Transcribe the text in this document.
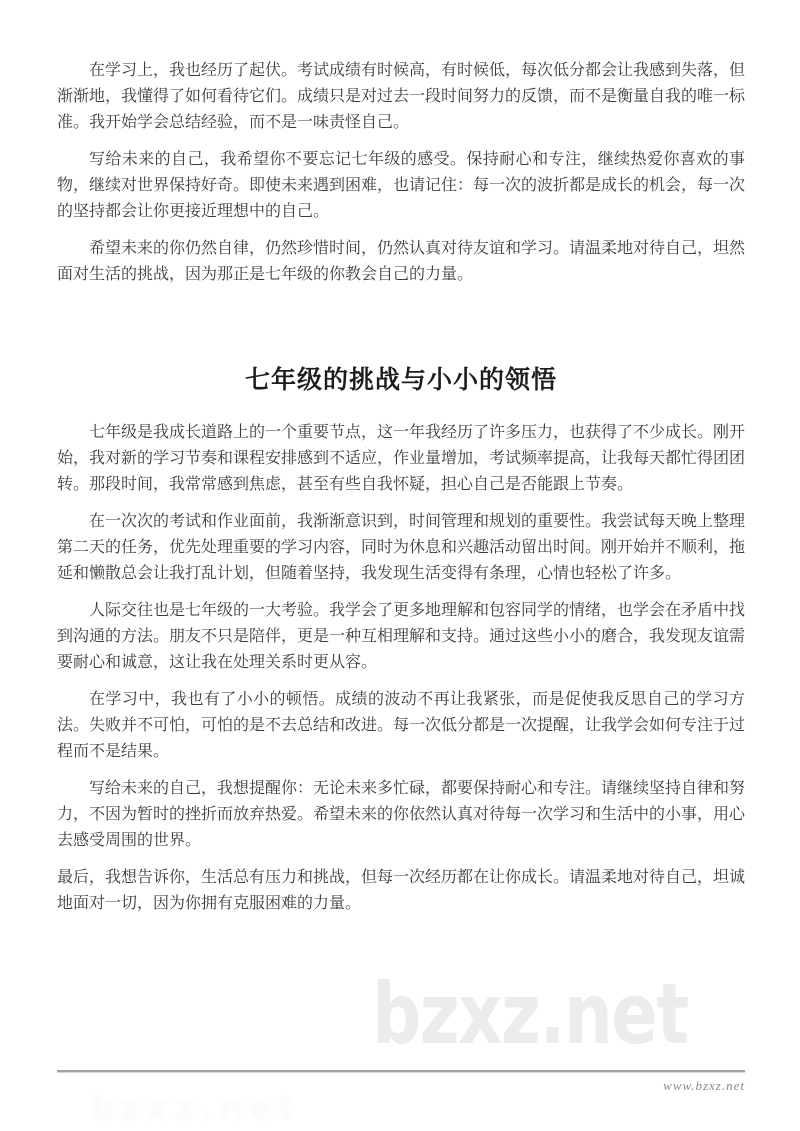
在学习上，我也经历了起伏。考试成绩有时候高，有时候低，每次低分都会让我感到失落，但渐渐地，我懂得了如何看待它们。成绩只是对过去一段时间努力的反馈，而不是衡量自我的唯一标准。我开始学会总结经验，而不是一味责怪自己。

写给未来的自己，我希望你不要忘记七年级的感受。保持耐心和专注，继续热爱你喜欢的事物，继续对世界保持好奇。即使未来遇到困难，也请记住：每一次的波折都是成长的机会，每一次的坚持都会让你更接近理想中的自己。

希望未来的你仍然自律，仍然珍惜时间，仍然认真对待友谊和学习。请温柔地对待自己，坦然面对生活的挑战，因为那正是七年级的你教会自己的力量。

七年级的挑战与小小的领悟

七年级是我成长道路上的一个重要节点，这一年我经历了许多压力，也获得了不少成长。刚开始，我对新的学习节奏和课程安排感到不适应，作业量增加，考试频率提高，让我每天都忙得团团转。那段时间，我常常感到焦虑，甚至有些自我怀疑，担心自己是否能跟上节奏。

在一次次的考试和作业面前，我渐渐意识到，时间管理和规划的重要性。我尝试每天晚上整理第二天的任务，优先处理重要的学习内容，同时为休息和兴趣活动留出时间。刚开始并不顺利，拖延和懒散总会让我打乱计划，但随着坚持，我发现生活变得有条理，心情也轻松了许多。

人际交往也是七年级的一大考验。我学会了更多地理解和包容同学的情绪，也学会在矛盾中找到沟通的方法。朋友不只是陪伴，更是一种互相理解和支持。通过这些小小的磨合，我发现友谊需要耐心和诚意，这让我在处理关系时更从容。

在学习中，我也有了小小的顿悟。成绩的波动不再让我紧张，而是促使我反思自己的学习方法。失败并不可怕，可怕的是不去总结和改进。每一次低分都是一次提醒，让我学会如何专注于过程而不是结果。

写给未来的自己，我想提醒你：无论未来多忙碌，都要保持耐心和专注。请继续坚持自律和努力，不因为暂时的挫折而放弃热爱。希望未来的你依然认真对待每一次学习和生活中的小事，用心去感受周围的世界。

最后，我想告诉你，生活总有压力和挑战，但每一次经历都在让你成长。请温柔地对待自己，坦诚地面对一切，因为你拥有克服困难的力量。

bzxz.net
bzxz.net
www.bzxz.net
